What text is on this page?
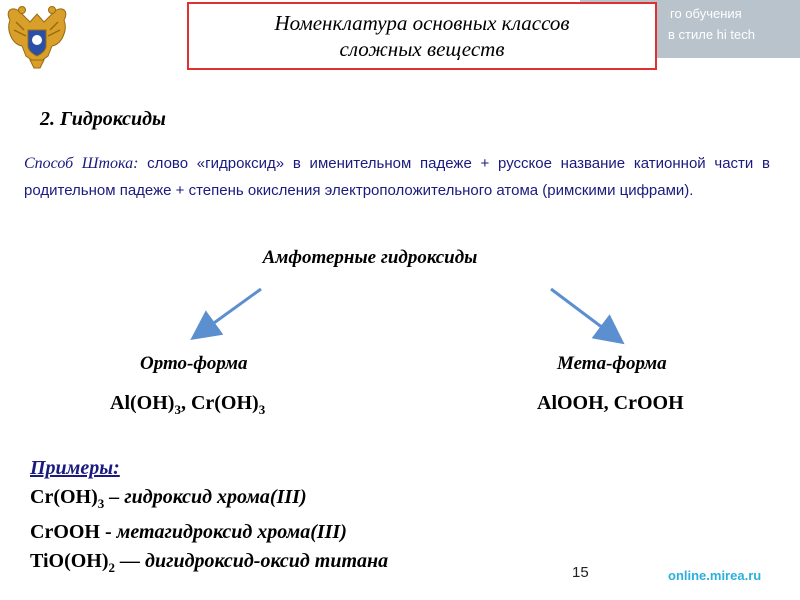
го обучения
в стиле hi tech
Номенклатура основных классов
сложных веществ
2. Гидроксиды
Способ Штока: слово «гидроксид» в именительном падеже + русское название катионной части в родительном падеже + степень окисления электроположительного атома (римскими цифрами).
Амфотерные гидроксиды
Орто-форма
$Al(OH)_3$, $Cr(OH)_3$
Мета-форма
AlOOH, CrOOH
Примеры:
$Cr(OH)_3$ – гидроксид хрома(III)
CrOOH - метагидроксид хрома(III)
$TiO(OH)_2$ — дигидроксид-оксид титана
15	online.mirea.ru
